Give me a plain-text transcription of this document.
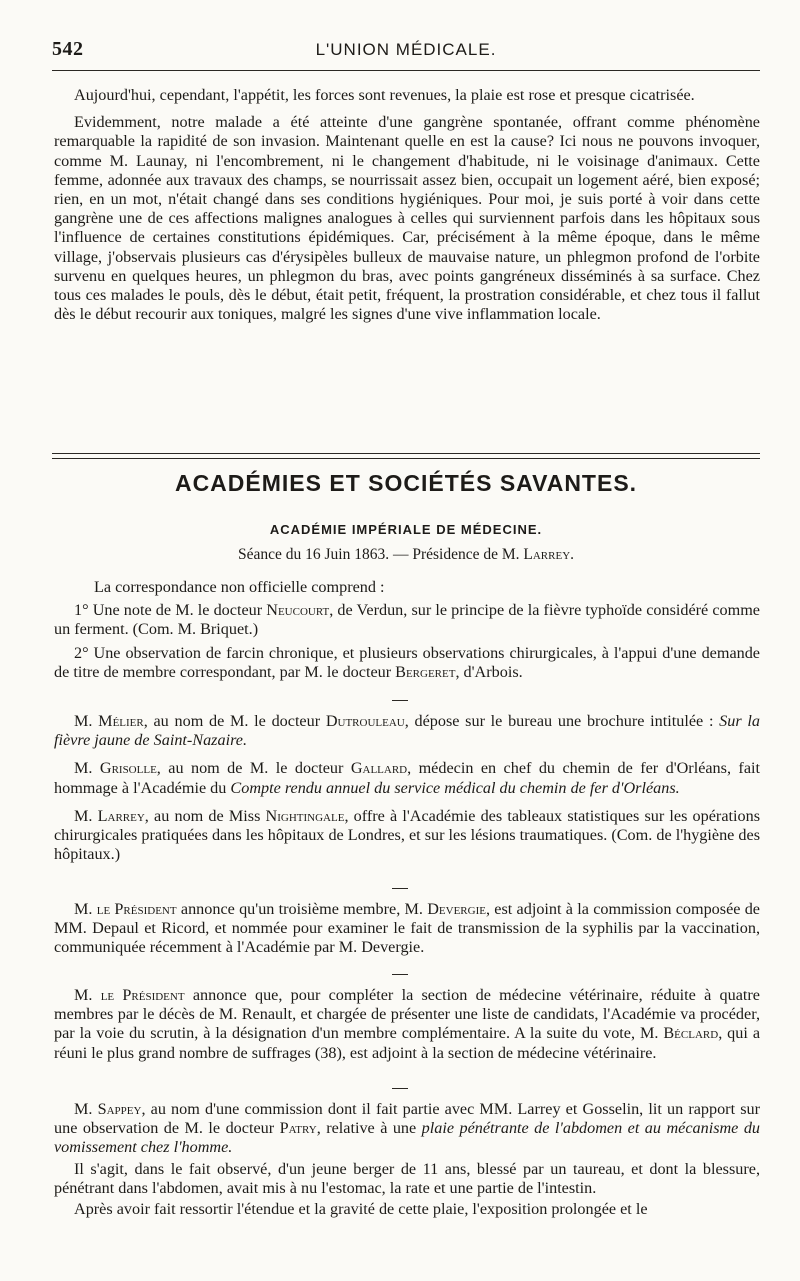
542	L'UNION MÉDICALE.

Aujourd'hui, cependant, l'appétit, les forces sont revenues, la plaie est rose et presque cicatrisée.

Evidemment, notre malade a été atteinte d'une gangrène spontanée, offrant comme phénomène remarquable la rapidité de son invasion. Maintenant quelle en est la cause? Ici nous ne pouvons invoquer, comme M. Launay, ni l'encombrement, ni le changement d'habitude, ni le voisinage d'animaux. Cette femme, adonnée aux travaux des champs, se nourrissait assez bien, occupait un logement aéré, bien exposé; rien, en un mot, n'était changé dans ses conditions hygiéniques. Pour moi, je suis porté à voir dans cette gangrène une de ces affections malignes analogues à celles qui surviennent parfois dans les hôpitaux sous l'influence de certaines constitutions épidémiques. Car, précisément à la même époque, dans le même village, j'observais plusieurs cas d'érysipèles bulleux de mauvaise nature, un phlegmon profond de l'orbite survenu en quelques heures, un phlegmon du bras, avec points gangréneux disséminés à sa surface. Chez tous ces malades le pouls, dès le début, était petit, fréquent, la prostration considérable, et chez tous il fallut dès le début recourir aux toniques, malgré les signes d'une vive inflammation locale.

ACADÉMIES ET SOCIÉTÉS SAVANTES.
ACADÉMIE IMPÉRIALE DE MÉDECINE.
Séance du 16 Juin 1863. — Présidence de M. Larrey.

La correspondance non officielle comprend :

1° Une note de M. le docteur Neucourt, de Verdun, sur le principe de la fièvre typhoïde considéré comme un ferment. (Com. M. Briquet.)

2° Une observation de farcin chronique, et plusieurs observations chirurgicales, à l'appui d'une demande de titre de membre correspondant, par M. le docteur Bergeret, d'Arbois.

M. Mélier, au nom de M. le docteur Dutrouleau, dépose sur le bureau une brochure intitulée : Sur la fièvre jaune de Saint-Nazaire.

M. Grisolle, au nom de M. le docteur Gallard, médecin en chef du chemin de fer d'Orléans, fait hommage à l'Académie du Compte rendu annuel du service médical du chemin de fer d'Orléans.

M. Larrey, au nom de Miss Nightingale, offre à l'Académie des tableaux statistiques sur les opérations chirurgicales pratiquées dans les hôpitaux de Londres, et sur les lésions traumatiques. (Com. de l'hygiène des hôpitaux.)

M. le Président annonce qu'un troisième membre, M. Devergie, est adjoint à la commission composée de MM. Depaul et Ricord, et nommée pour examiner le fait de transmission de la syphilis par la vaccination, communiquée récemment à l'Académie par M. Devergie.

M. le Président annonce que, pour compléter la section de médecine vétérinaire, réduite à quatre membres par le décès de M. Renault, et chargée de présenter une liste de candidats, l'Académie va procéder, par la voie du scrutin, à la désignation d'un membre complémentaire. A la suite du vote, M. Béclard, qui a réuni le plus grand nombre de suffrages (38), est adjoint à la section de médecine vétérinaire.

M. Sappey, au nom d'une commission dont il fait partie avec MM. Larrey et Gosselin, lit un rapport sur une observation de M. le docteur Patry, relative à une plaie pénétrante de l'abdomen et au mécanisme du vomissement chez l'homme.

Il s'agit, dans le fait observé, d'un jeune berger de 11 ans, blessé par un taureau, et dont la blessure, pénétrant dans l'abdomen, avait mis à nu l'estomac, la rate et une partie de l'intestin.

Après avoir fait ressortir l'étendue et la gravité de cette plaie, l'exposition prolongée et le
